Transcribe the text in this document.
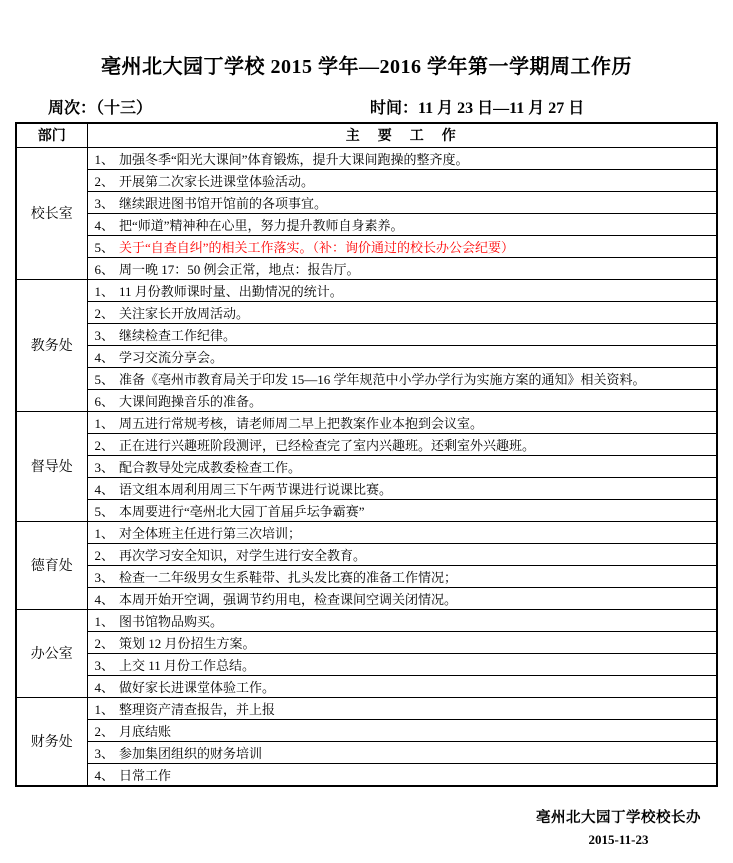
亳州北大园丁学校 2015 学年—2016 学年第一学期周工作历
周次：（十三）	时间：11 月 23 日—11 月 27 日
部门	主　要　工　作
校长室	1、 加强冬季“阳光大课间”体育锻炼，提升大课间跑操的整齐度。
	2、 开展第二次家长进课堂体验活动。
	3、 继续跟进图书馆开馆前的各项事宜。
	4、 把“师道”精神种在心里，努力提升教师自身素养。
	5、 关于“自查自纠”的相关工作落实。（补：询价通过的校长办公会纪要）
	6、 周一晚 17：50 例会正常，地点：报告厅。
教务处	1、 11 月份教师课时量、出勤情况的统计。
	2、 关注家长开放周活动。
	3、 继续检查工作纪律。
	4、 学习交流分享会。
	5、 准备《亳州市教育局关于印发 15—16 学年规范中小学办学行为实施方案的通知》相关资料。
	6、 大课间跑操音乐的准备。
督导处	1、 周五进行常规考核，请老师周二早上把教案作业本抱到会议室。
	2、 正在进行兴趣班阶段测评，已经检查完了室内兴趣班。还剩室外兴趣班。
	3、 配合教导处完成教委检查工作。
	4、 语文组本周利用周三下午两节课进行说课比赛。
	5、 本周要进行“亳州北大园丁首届乒坛争霸赛”
德育处	1、 对全体班主任进行第三次培训；
	2、 再次学习安全知识，对学生进行安全教育。
	3、 检查一二年级男女生系鞋带、扎头发比赛的准备工作情况；
	4、 本周开始开空调，强调节约用电，检查课间空调关闭情况。
办公室	1、 图书馆物品购买。
	2、 策划 12 月份招生方案。
	3、 上交 11 月份工作总结。
	4、 做好家长进课堂体验工作。
财务处	1、 整理资产清查报告，并上报
	2、 月底结账
	3、 参加集团组织的财务培训
	4、 日常工作
亳州北大园丁学校校长办
2015-11-23
